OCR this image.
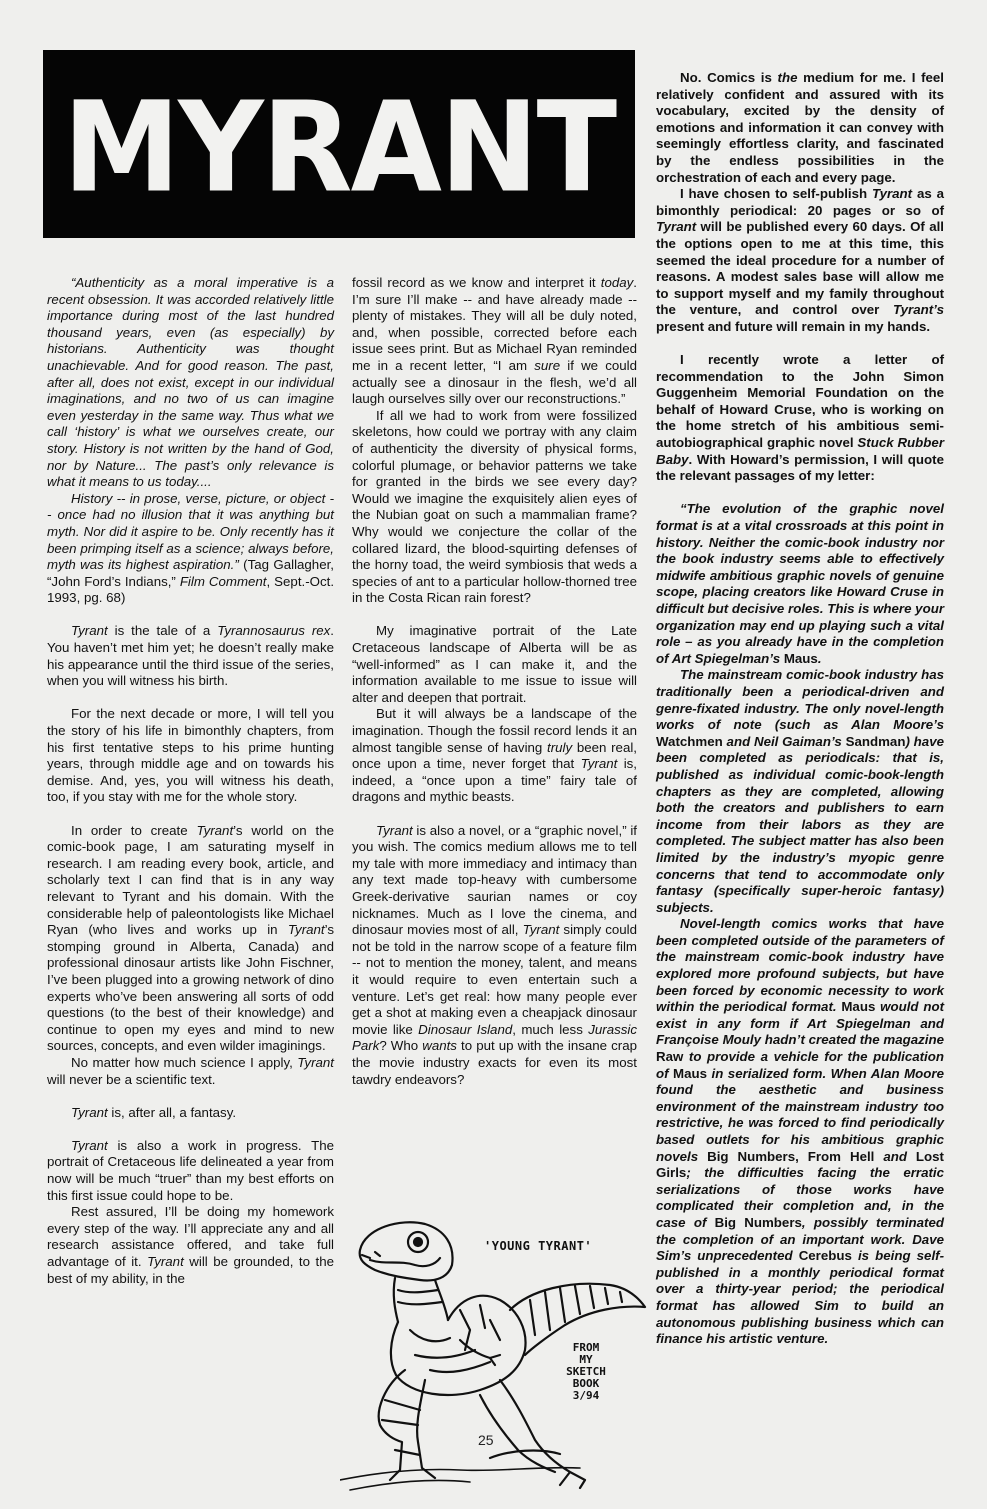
MYRANT

“Authenticity as a moral imperative is a recent obsession. It was accorded relatively little importance during most of the last hundred thousand years, even (as especially) by historians. Authenticity was thought unachievable. And for good reason. The past, after all, does not exist, except in our individual imaginations, and no two of us can imagine even yesterday in the same way. Thus what we call ‘history’ is what we ourselves create, our story. History is not written by the hand of God, nor by Nature... The past’s only relevance is what it means to us today....

History -- in prose, verse, picture, or object -- once had no illusion that it was anything but myth. Nor did it aspire to be. Only recently has it been primping itself as a science; always before, myth was its highest aspiration.” (Tag Gallagher, “John Ford’s Indians,” Film Comment, Sept.-Oct. 1993, pg. 68)

Tyrant is the tale of a Tyrannosaurus rex. You haven’t met him yet; he doesn’t really make his appearance until the third issue of the series, when you will witness his birth.

For the next decade or more, I will tell you the story of his life in bimonthly chapters, from his first tentative steps to his prime hunting years, through middle age and on towards his demise. And, yes, you will witness his death, too, if you stay with me for the whole story.

In order to create Tyrant’s world on the comic-book page, I am saturating myself in research. I am reading every book, article, and scholarly text I can find that is in any way relevant to Tyrant and his domain. With the considerable help of paleontologists like Michael Ryan (who lives and works up in Tyrant’s stomping ground in Alberta, Canada) and professional dinosaur artists like John Fischner, I’ve been plugged into a growing network of dino experts who’ve been answering all sorts of odd questions (to the best of their knowledge) and continue to open my eyes and mind to new sources, concepts, and even wilder imaginings.

No matter how much science I apply, Tyrant will never be a scientific text.

Tyrant is, after all, a fantasy.

Tyrant is also a work in progress. The portrait of Cretaceous life delineated a year from now will be much “truer” than my best efforts on this first issue could hope to be.

Rest assured, I’ll be doing my homework every step of the way. I’ll appreciate any and all research assistance offered, and take full advantage of it. Tyrant will be grounded, to the best of my ability, in the

fossil record as we know and interpret it today. I’m sure I’ll make -- and have already made -- plenty of mistakes. They will all be duly noted, and, when possible, corrected before each issue sees print. But as Michael Ryan reminded me in a recent letter, “I am sure if we could actually see a dinosaur in the flesh, we’d all laugh ourselves silly over our reconstructions.”

If all we had to work from were fossilized skeletons, how could we portray with any claim of authenticity the diversity of physical forms, colorful plumage, or behavior patterns we take for granted in the birds we see every day? Would we imagine the exquisitely alien eyes of the Nubian goat on such a mammalian frame? Why would we conjecture the collar of the collared lizard, the blood-squirting defenses of the horny toad, the weird symbiosis that weds a species of ant to a particular hollow-thorned tree in the Costa Rican rain forest?

My imaginative portrait of the Late Cretaceous landscape of Alberta will be as “well-informed” as I can make it, and the information available to me issue to issue will alter and deepen that portrait.

But it will always be a landscape of the imagination. Though the fossil record lends it an almost tangible sense of having truly been real, once upon a time, never forget that Tyrant is, indeed, a “once upon a time” fairy tale of dragons and mythic beasts.

Tyrant is also a novel, or a “graphic novel,” if you wish. The comics medium allows me to tell my tale with more immediacy and intimacy than any text made top-heavy with cumbersome Greek-derivative saurian names or coy nicknames. Much as I love the cinema, and dinosaur movies most of all, Tyrant simply could not be told in the narrow scope of a feature film -- not to mention the money, talent, and means it would require to even entertain such a venture. Let’s get real: how many people ever get a shot at making even a cheapjack dinosaur movie like Dinosaur Island, much less Jurassic Park? Who wants to put up with the insane crap the movie industry exacts for even its most tawdry endeavors?

No. Comics is the medium for me. I feel relatively confident and assured with its vocabulary, excited by the density of emotions and information it can convey with seemingly effortless clarity, and fascinated by the endless possibilities in the orchestration of each and every page.

I have chosen to self-publish Tyrant as a bimonthly periodical: 20 pages or so of Tyrant will be published every 60 days. Of all the options open to me at this time, this seemed the ideal procedure for a number of reasons. A modest sales base will allow me to support myself and my family throughout the venture, and control over Tyrant’s present and future will remain in my hands.

I recently wrote a letter of recommendation to the John Simon Guggenheim Memorial Foundation on the behalf of Howard Cruse, who is working on the home stretch of his ambitious semi-autobiographical graphic novel Stuck Rubber Baby. With Howard’s permission, I will quote the relevant passages of my letter:

“The evolution of the graphic novel format is at a vital crossroads at this point in history. Neither the comic-book industry nor the book industry seems able to effectively midwife ambitious graphic novels of genuine scope, placing creators like Howard Cruse in difficult but decisive roles. This is where your organization may end up playing such a vital role – as you already have in the completion of Art Spiegelman’s Maus.

The mainstream comic-book industry has traditionally been a periodical-driven and genre-fixated industry. The only novel-length works of note (such as Alan Moore’s Watchmen and Neil Gaiman’s Sandman) have been completed as periodicals: that is, published as individual comic-book-length chapters as they are completed, allowing both the creators and publishers to earn income from their labors as they are completed. The subject matter has also been limited by the industry’s myopic genre concerns that tend to accommodate only fantasy (specifically super-heroic fantasy) subjects.

Novel-length comics works that have been completed outside of the parameters of the mainstream comic-book industry have explored more profound subjects, but have been forced by economic necessity to work within the periodical format. Maus would not exist in any form if Art Spiegelman and Françoise Mouly hadn’t created the magazine Raw to provide a vehicle for the publication of Maus in serialized form. When Alan Moore found the aesthetic and business environment of the mainstream industry too restrictive, he was forced to find periodically based outlets for his ambitious graphic novels Big Numbers, From Hell and Lost Girls; the difficulties facing the erratic serializations of those works have complicated their completion and, in the case of Big Numbers, possibly terminated the completion of an important work. Dave Sim’s unprecedented Cerebus is being self-published in a monthly periodical format over a thirty-year period; the periodical format has allowed Sim to build an autonomous publishing business which can finance his artistic venture.

'YOUNG TYRANT'
FROM
MY
SKETCH
BOOK
3/94
25
